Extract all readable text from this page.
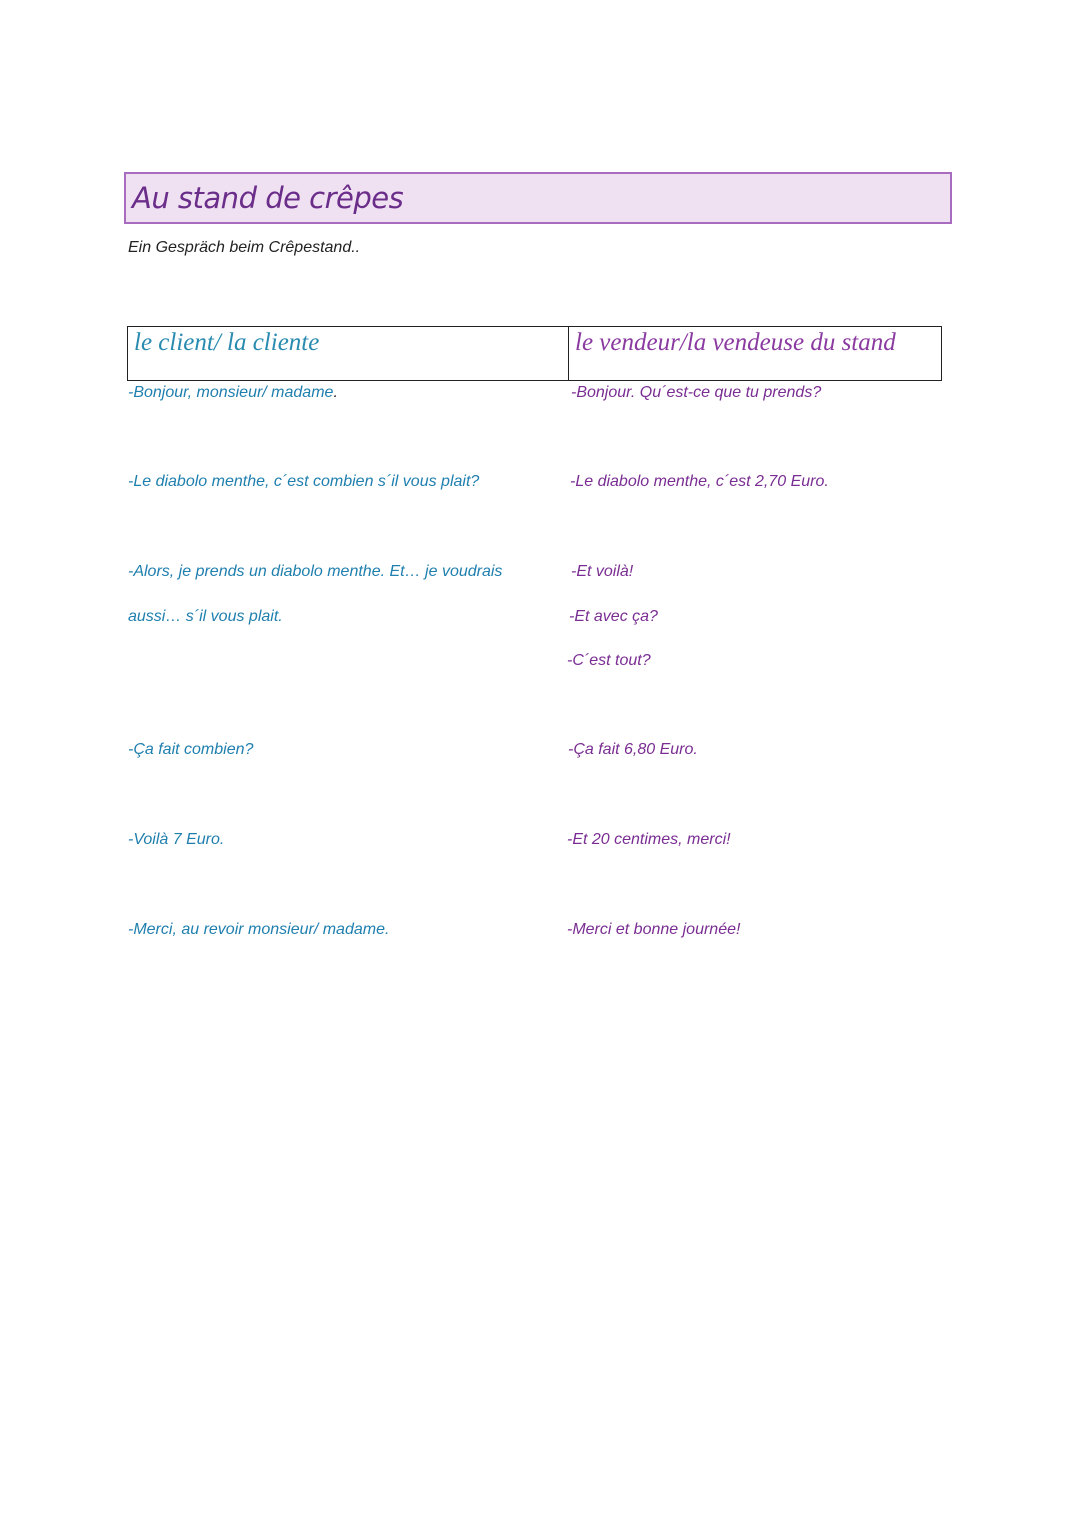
Au stand de crêpes
Ein Gespräch beim Crêpestand..
le client/ la cliente	le vendeur/la vendeuse du stand
-Bonjour, monsieur/ madame.
-Le diabolo menthe, c´est combien s´il vous plait?
-Alors, je prends un diabolo menthe. Et… je voudrais
aussi… s´il vous plait.
-Ça fait combien?
-Voilà 7 Euro.
-Merci, au revoir monsieur/ madame.
-Bonjour. Qu´est-ce que tu prends?
-Le diabolo menthe, c´est 2,70 Euro.
-Et voilà!
-Et avec ça?
-C´est tout?
-Ça fait 6,80 Euro.
-Et 20 centimes, merci!
-Merci et bonne journée!
